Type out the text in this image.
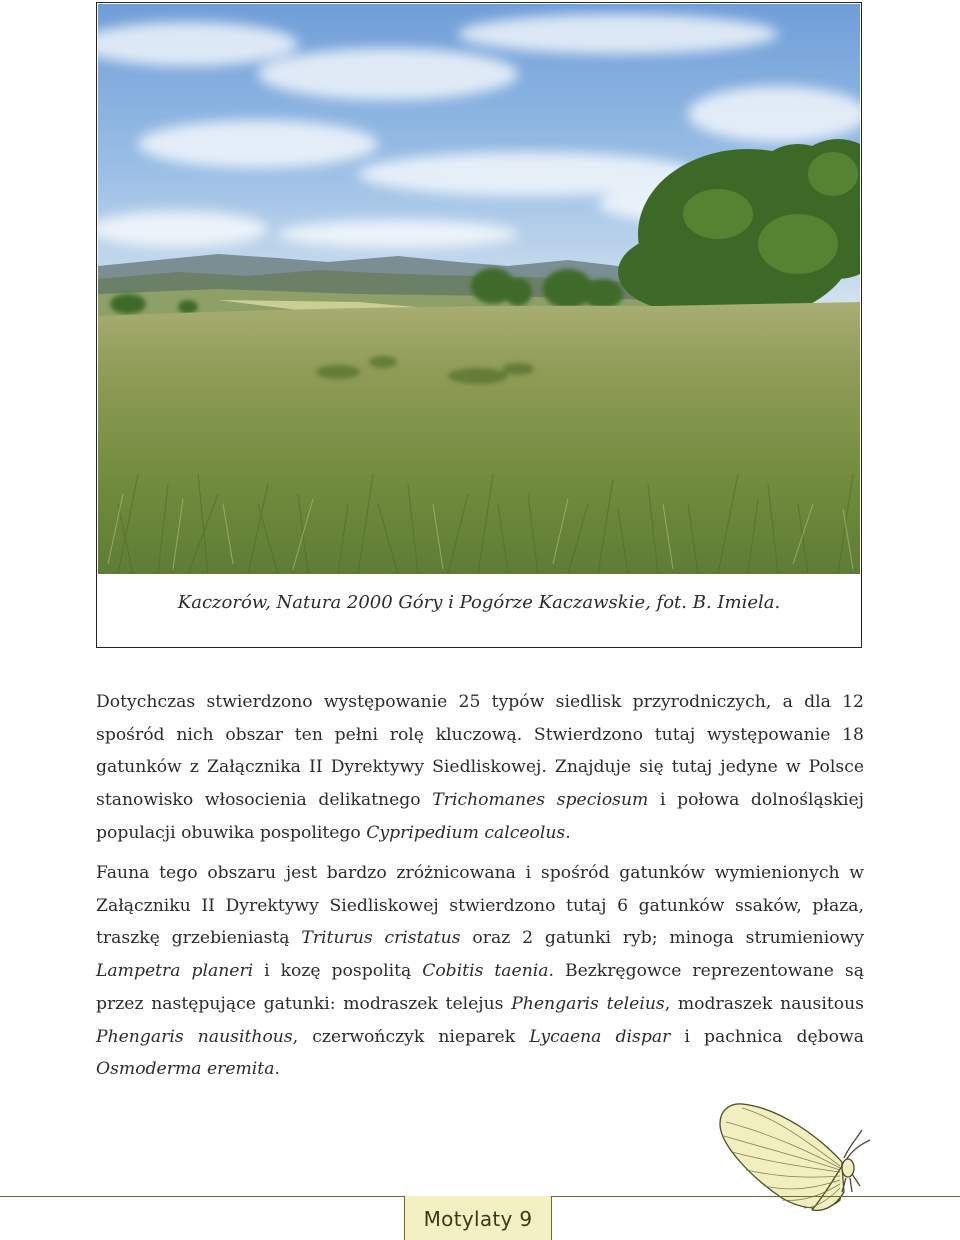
Kaczorów, Natura 2000 Góry i Pogórze Kaczawskie, fot. B. Imiela.

Dotychczas stwierdzono występowanie 25 typów siedlisk przyrodniczych, a dla 12 spośród nich obszar ten pełni rolę kluczową. Stwierdzono tutaj występowanie 18 gatunków z Załącznika II Dyrektywy Siedliskowej. Znajduje się tutaj jedyne w Polsce stanowisko włosocienia delikatnego Trichomanes speciosum i połowa dolnośląskiej populacji obuwika pospolitego Cypripedium calceolus.

Fauna tego obszaru jest bardzo zróżnicowana i spośród gatunków wymienionych w Załączniku II Dyrektywy Siedliskowej stwierdzono tutaj 6 gatunków ssaków, płaza, traszkę grzebieniastą Triturus cristatus oraz 2 gatunki ryb; minoga strumieniowy Lampetra planeri i kozę pospolitą Cobitis taenia. Bezkręgowce reprezentowane są przez następujące gatunki: modraszek telejus Phengaris teleius, modraszek nausitous Phengaris nausithous, czerwończyk nieparek Lycaena dispar i pachnica dębowa Osmoderma eremita.

Motylaty 9
